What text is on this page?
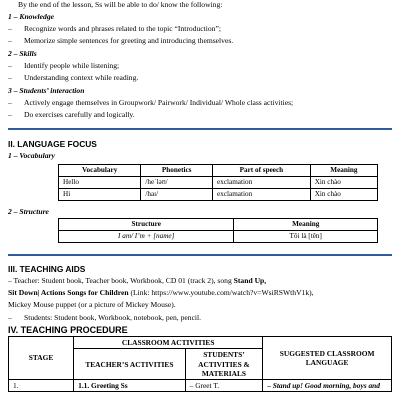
By the end of the lesson, Ss will be able to do/ know the following:
1 – Knowledge
– Recognize words and phrases related to the topic “Introduction”;
– Memorize simple sentences for greeting and introducing themselves.
2 – Skills
– Identify people while listening;
– Understanding context while reading.
3 – Students’ interaction
– Actively engage themselves in Groupwork/ Pairwork/ Individual/ Whole class activities;
– Do exercises carefully and logically.
II. LANGUAGE FOCUS
1 – Vocabulary
Vocabulary	Phonetics	Part of speech	Meaning
Hello	/heˈləʊ/	exclamation	Xin chào
Hi	/haɪ/	exclamation	Xin chào
2 – Structure
Structure	Meaning
I am/ I’m + [name]	Tôi là [tên]
III. TEACHING AIDS
– Teacher: Student book, Teacher book, Workbook, CD 01 (track 2), song Stand Up,
Sit Down| Actions Songs for Children (Link: https://www.youtube.com/watch?v=WsiRSWthV1k),
Mickey Mouse puppet (or a picture of Mickey Mouse).
– Students: Student book, Workbook, notebook, pen, pencil.
IV. TEACHING PROCEDURE
STAGE	CLASSROOM ACTIVITIES		SUGGESTED CLASSROOM LANGUAGE
	TEACHER’S ACTIVITIES	STUDENTS’ ACTIVITIES & MATERIALS	
1.	1.1. Greeting Ss	– Greet T.	– Stand up! Good morning, boys and
